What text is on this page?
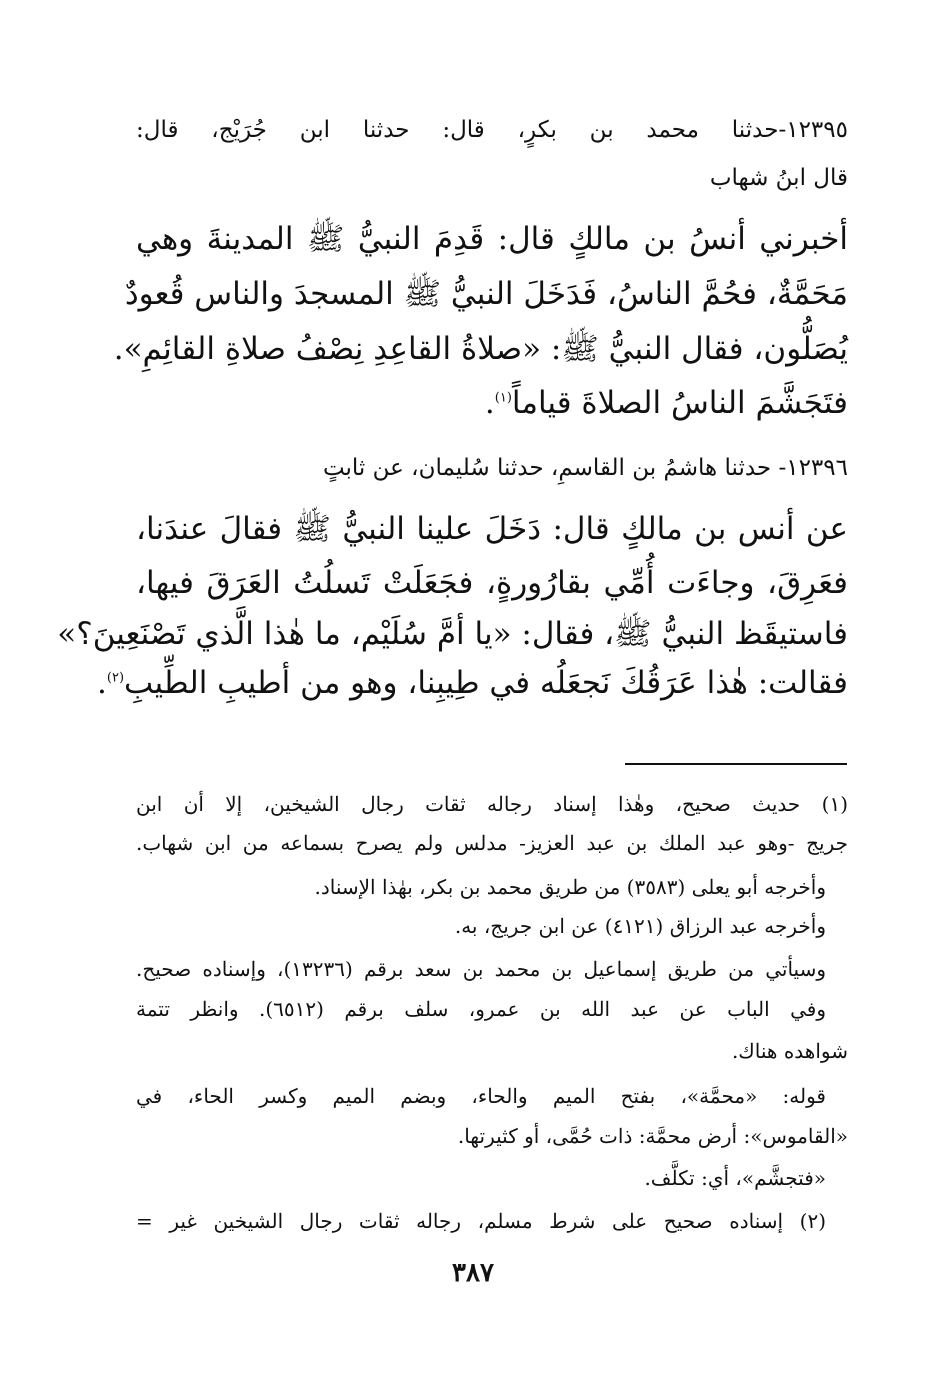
١٢٣٩٥-حدثنا محمد بن بكرٍ، قال: حدثنا ابن جُرَيْج، قال:
قال ابنُ شهاب
أخبرني أنسُ بن مالكٍ قال: قَدِمَ النبيُّ ﷺ المدينةَ وهي
مَحَمَّةٌ، فحُمَّ الناسُ، فَدَخَلَ النبيُّ ﷺ المسجدَ والناس قُعودٌ
يُصَلُّون، فقال النبيُّ ﷺ: «صلاةُ القاعِدِ نِصْفُ صلاةِ القائِمِ».
فتَجَشَّمَ الناسُ الصلاةَ قياماً$^{(١)}$.
١٢٣٩٦- حدثنا هاشمُ بن القاسمِ، حدثنا سُليمان، عن ثابتٍ
عن أنس بن مالكٍ قال: دَخَلَ علينا النبيُّ ﷺ فقالَ عندَنا،
فعَرِقَ، وجاءَت أُمِّي بقارُورةٍ، فجَعَلَتْ تَسلُتُ العَرَقَ فيها،
فاستيقَظ النبيُّ ﷺ، فقال: «يا أمَّ سُلَيْم، ما هٰذا الَّذي تَصْنَعِينَ؟»
فقالت: هٰذا عَرَقُكَ نَجعَلُه في طِيبِنا، وهو من أطيبِ الطِّيبِ$^{(٢)}$.
(١) حديث صحيح، وهٰذا إسناد رجاله ثقات رجال الشيخين، إلا أن ابن
جريج -وهو عبد الملك بن عبد العزيز- مدلس ولم يصرح بسماعه من ابن شهاب.
وأخرجه أبو يعلى (٣٥٨٣) من طريق محمد بن بكر، بهٰذا الإسناد.
وأخرجه عبد الرزاق (٤١٢١) عن ابن جريج، به.
وسيأتي من طريق إسماعيل بن محمد بن سعد برقم (١٣٢٣٦)، وإسناده صحيح.
وفي الباب عن عبد الله بن عمرو، سلف برقم (٦٥١٢). وانظر تتمة
شواهده هناك.
قوله: «محمَّة»، بفتح الميم والحاء، وبضم الميم وكسر الحاء، في
«القاموس»: أرض محمَّة: ذات حُمَّى، أو كثيرتها.
«فتجشَّم»، أي: تكلَّف.
(٢) إسناده صحيح على شرط مسلم، رجاله ثقات رجال الشيخين غير =
٣٨٧
